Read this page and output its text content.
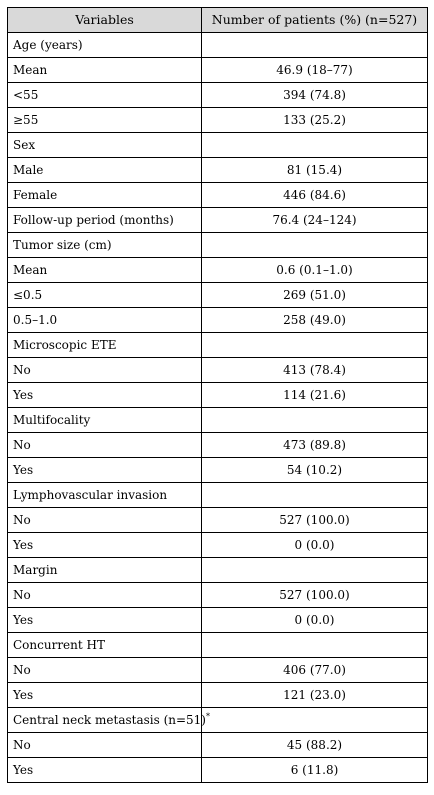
Variables	Number of patients (%) (n=527)
Age (years)	
Mean	46.9 (18–77)
<55	394 (74.8)
≥55	133 (25.2)
Sex	
Male	81 (15.4)
Female	446 (84.6)
Follow-up period (months)	76.4 (24–124)
Tumor size (cm)	
Mean	0.6 (0.1–1.0)
≤0.5	269 (51.0)
0.5–1.0	258 (49.0)
Microscopic ETE	
No	413 (78.4)
Yes	114 (21.6)
Multifocality	
No	473 (89.8)
Yes	54 (10.2)
Lymphovascular invasion	
No	527 (100.0)
Yes	0 (0.0)
Margin	
No	527 (100.0)
Yes	0 (0.0)
Concurrent HT	
No	406 (77.0)
Yes	121 (23.0)
Central neck metastasis (n=51)*	
No	45 (88.2)
Yes	6 (11.8)
